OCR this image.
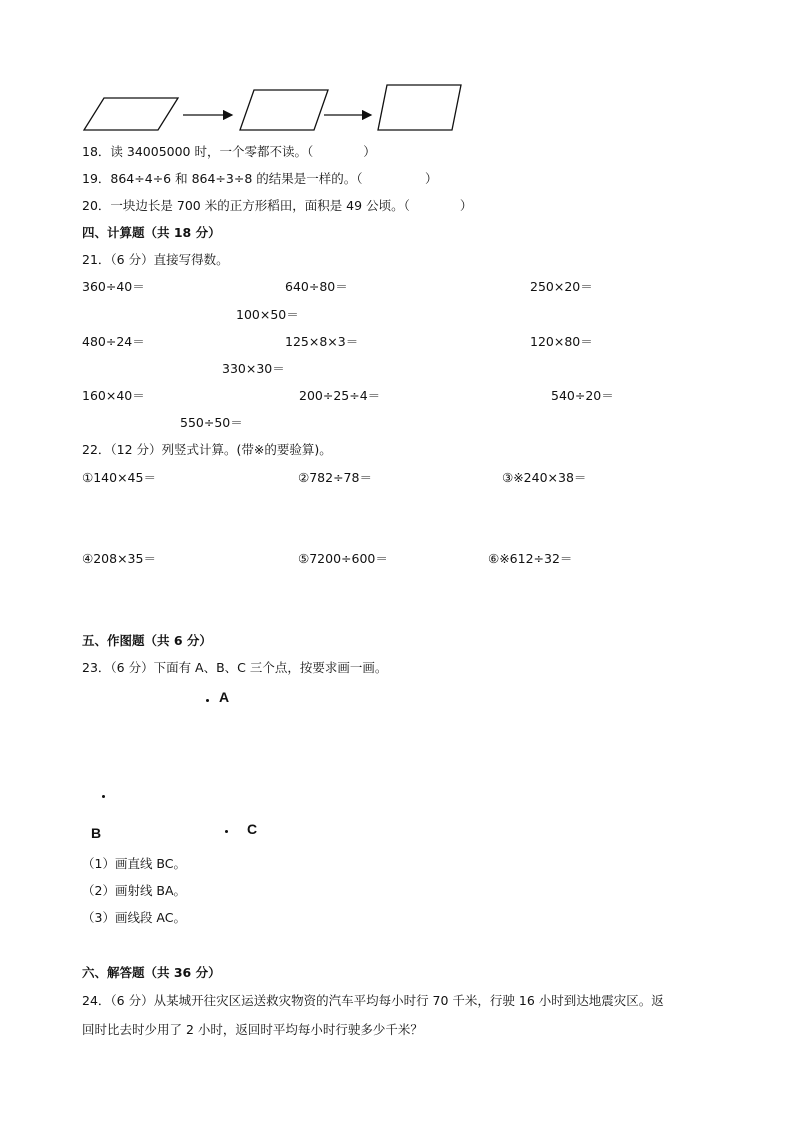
18．读 34005000 时，一个零都不读。（　　　　）
19．864÷4÷6 和 864÷3÷8 的结果是一样的。（　　　　　）
20．一块边长是 700 米的正方形稻田，面积是 49 公顷。（　　　　）
四、计算题（共 18 分）
21．（6 分）直接写得数。
360÷40＝	640÷80＝	250×20＝
100×50＝
480÷24＝	125×8×3＝	120×80＝
330×30＝
160×40＝	200÷25÷4＝	540÷20＝
550÷50＝
22．（12 分）列竖式计算。(带※的要验算)。
①140×45＝	②782÷78＝	③※240×38＝
④208×35＝	⑤7200÷600＝	⑥※612÷32＝
五、作图题（共 6 分）
23．（6 分）下面有 A、B、C 三个点，按要求画一画。
A
B	C
（1）画直线 BC。
（2）画射线 BA。
（3）画线段 AC。
六、解答题（共 36 分）
24．（6 分）从某城开往灾区运送救灾物资的汽车平均每小时行 70 千米，行驶 16 小时到达地震灾区。返
回时比去时少用了 2 小时，返回时平均每小时行驶多少千米？
